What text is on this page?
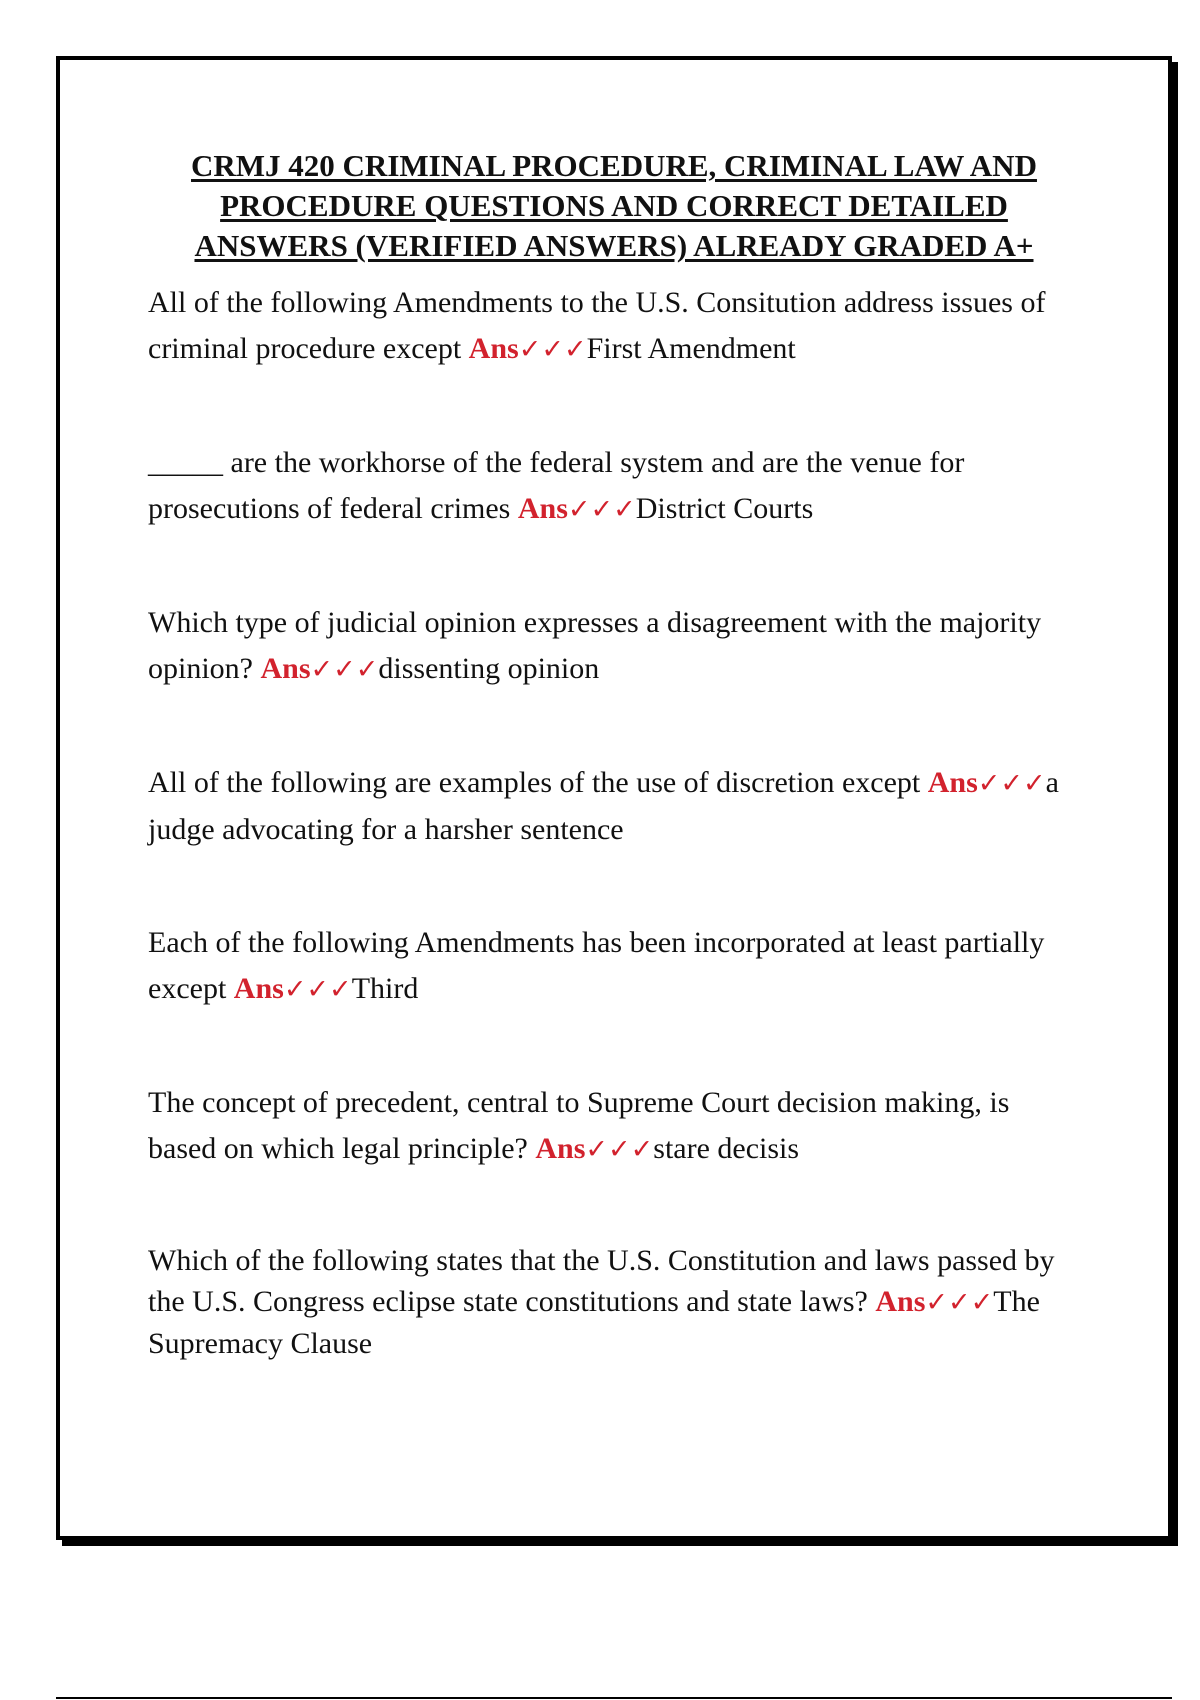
CRMJ 420 CRIMINAL PROCEDURE, CRIMINAL LAW AND
PROCEDURE QUESTIONS AND CORRECT DETAILED
ANSWERS (VERIFIED ANSWERS) ALREADY GRADED A+
All of the following Amendments to the U.S. Consitution address issues of criminal procedure except Ans✓✓✓First Amendment
_____ are the workhorse of the federal system and are the venue for prosecutions of federal crimes Ans✓✓✓District Courts
Which type of judicial opinion expresses a disagreement with the majority opinion? Ans✓✓✓dissenting opinion
All of the following are examples of the use of discretion except Ans✓✓✓a judge advocating for a harsher sentence
Each of the following Amendments has been incorporated at least partially except Ans✓✓✓Third
The concept of precedent, central to Supreme Court decision making, is based on which legal principle? Ans✓✓✓stare decisis
Which of the following states that the U.S. Constitution and laws passed by the U.S. Congress eclipse state constitutions and state laws? Ans✓✓✓The Supremacy Clause
